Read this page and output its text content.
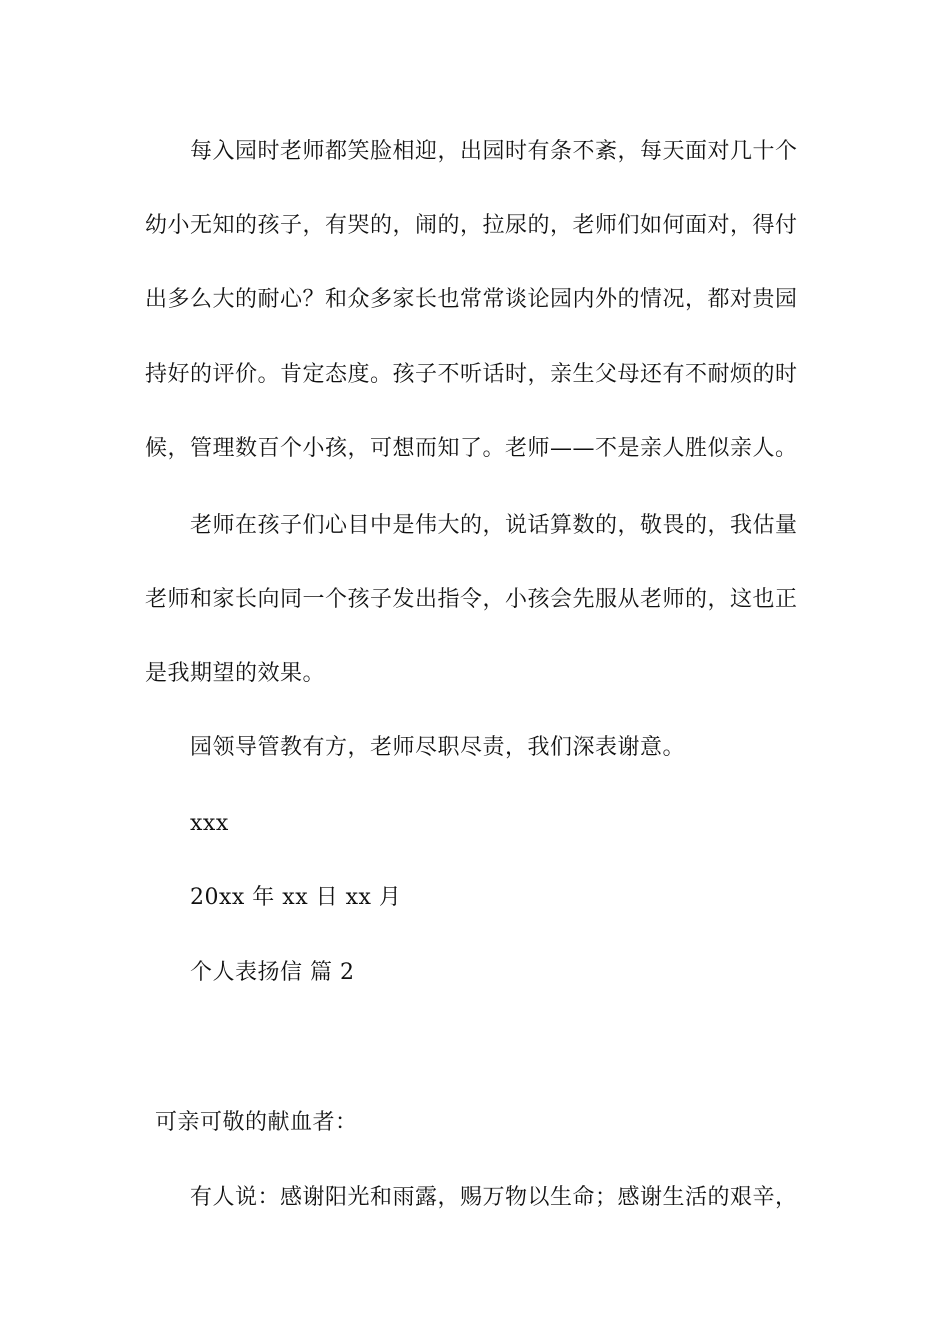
每入园时老师都笑脸相迎，出园时有条不紊，每天面对几十个
幼小无知的孩子，有哭的，闹的，拉尿的，老师们如何面对，得付
出多么大的耐心？和众多家长也常常谈论园内外的情况，都对贵园
持好的评价。肯定态度。孩子不听话时，亲生父母还有不耐烦的时
候，管理数百个小孩，可想而知了。老师——不是亲人胜似亲人。
老师在孩子们心目中是伟大的，说话算数的，敬畏的，我估量
老师和家长向同一个孩子发出指令，小孩会先服从老师的，这也正
是我期望的效果。
园领导管教有方，老师尽职尽责，我们深表谢意。
xxx
20xx 年 xx 日 xx 月
个人表扬信 篇 2
可亲可敬的献血者：
有人说：感谢阳光和雨露，赐万物以生命；感谢生活的艰辛，
